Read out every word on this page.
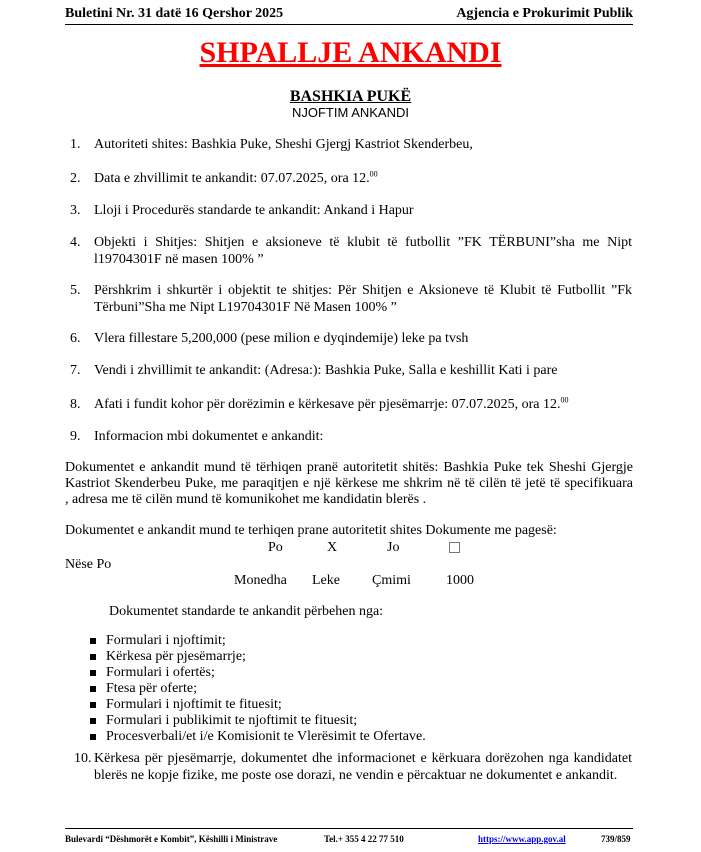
Buletini Nr. 31 datë 16 Qershor 2025	Agjencia e Prokurimit Publik
SHPALLJE ANKANDI
BASHKIA PUKË
NJOFTIM ANKANDI
1. Autoriteti shites: Bashkia Puke, Sheshi Gjergj Kastriot Skenderbeu,
2. Data e zhvillimit te ankandit: 07.07.2025, ora 12.00
3. Lloji i Procedurës standarde te ankandit: Ankand i Hapur
4. Objekti i Shitjes: Shitjen e aksioneve të klubit të futbollit ”FK TËRBUNI”sha me Nipt
l19704301F në masen 100% ”
5. Përshkrim i shkurtër i objektit te shitjes: Për Shitjen e Aksioneve të Klubit të Futbollit ”Fk
Tërbuni”Sha me Nipt L19704301F Në Masen 100% ”
6. Vlera fillestare 5,200,000 (pese milion e dyqindemije) leke pa tvsh
7. Vendi i zhvillimit te ankandit: (Adresa:): Bashkia Puke, Salla e keshillit Kati i pare
8. Afati i fundit kohor për dorëzimin e kërkesave për pjesëmarrje: 07.07.2025, ora 12.00
9. Informacion mbi dokumentet e ankandit:
Dokumentet e ankandit mund të tërhiqen pranë autoritetit shitës: Bashkia Puke tek Sheshi Gjergje
Kastriot Skenderbeu Puke, me paraqitjen e një kërkese me shkrim në të cilën të jetë të specifikuara
, adresa me të cilën mund të komunikohet me kandidatin blerës .
Dokumentet e ankandit mund te terhiqen prane autoritetit shites Dokumente me pagesë:
Po	X	Jo
Nëse Po
Monedha Leke Çmimi	1000
Dokumentet standarde te ankandit përbehen nga:
Formulari i njoftimit;
Kërkesa për pjesëmarrje;
Formulari i ofertës;
Ftesa për oferte;
Formulari i njoftimit te fituesit;
Formulari i publikimit te njoftimit te fituesit;
Procesverbali/et i/e Komisionit te Vlerësimit te Ofertave.
10. Kërkesa për pjesëmarrje, dokumentet dhe informacionet e kërkuara dorëzohen nga kandidatet
blerës ne kopje fizike, me poste ose dorazi, ne vendin e përcaktuar ne dokumentet e ankandit.
Bulevardi “Dëshmorët e Kombit”, Këshilli i Ministrave	Tel.+ 355 4 22 77 510	https://www.app.gov.al	739/859
